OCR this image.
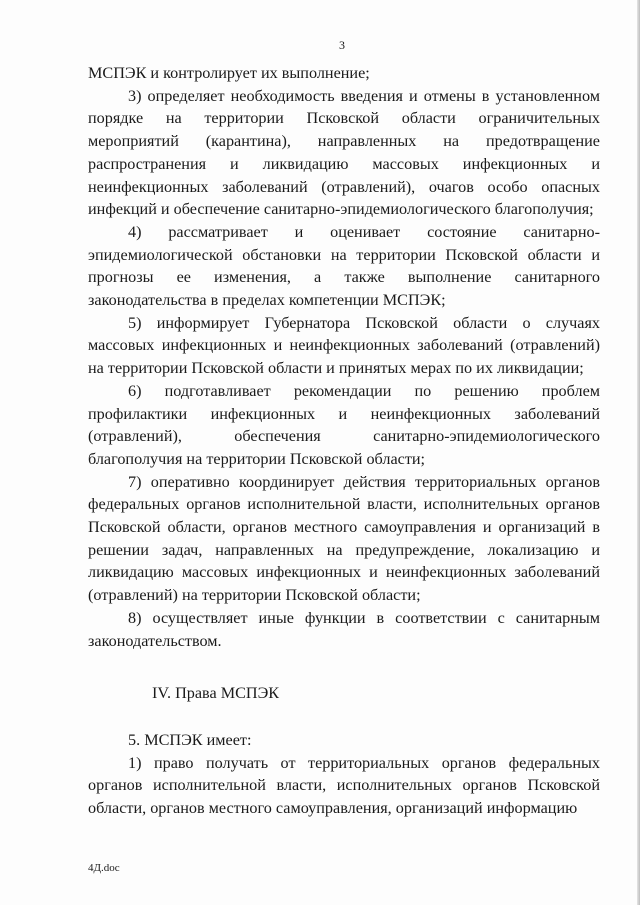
3

МСПЭК и контролирует их выполнение;

3) определяет необходимость введения и отмены в установленном порядке на территории Псковской области ограничительных мероприятий (карантина), направленных на предотвращение распространения и ликвидацию массовых инфекционных и неинфекционных заболеваний (отравлений), очагов особо опасных инфекций и обеспечение санитарно-эпидемиологического благополучия;

4) рассматривает и оценивает состояние санитарно-эпидемиологической обстановки на территории Псковской области и прогнозы ее изменения, а также выполнение санитарного законодательства в пределах компетенции МСПЭК;

5) информирует Губернатора Псковской области о случаях массовых инфекционных и неинфекционных заболеваний (отравлений) на территории Псковской области и принятых мерах по их ликвидации;

6) подготавливает рекомендации по решению проблем профилактики инфекционных и неинфекционных заболеваний (отравлений), обеспечения санитарно-эпидемиологического благополучия на территории Псковской области;

7) оперативно координирует действия территориальных органов федеральных органов исполнительной власти, исполнительных органов Псковской области, органов местного самоуправления и организаций в решении задач, направленных на предупреждение, локализацию и ликвидацию массовых инфекционных и неинфекционных заболеваний (отравлений) на территории Псковской области;

8) осуществляет иные функции в соответствии с санитарным законодательством.

IV. Права МСПЭК

5. МСПЭК имеет:

1) право получать от территориальных органов федеральных органов исполнительной власти, исполнительных органов Псковской области, органов местного самоуправления, организаций информацию

4Д.doc
